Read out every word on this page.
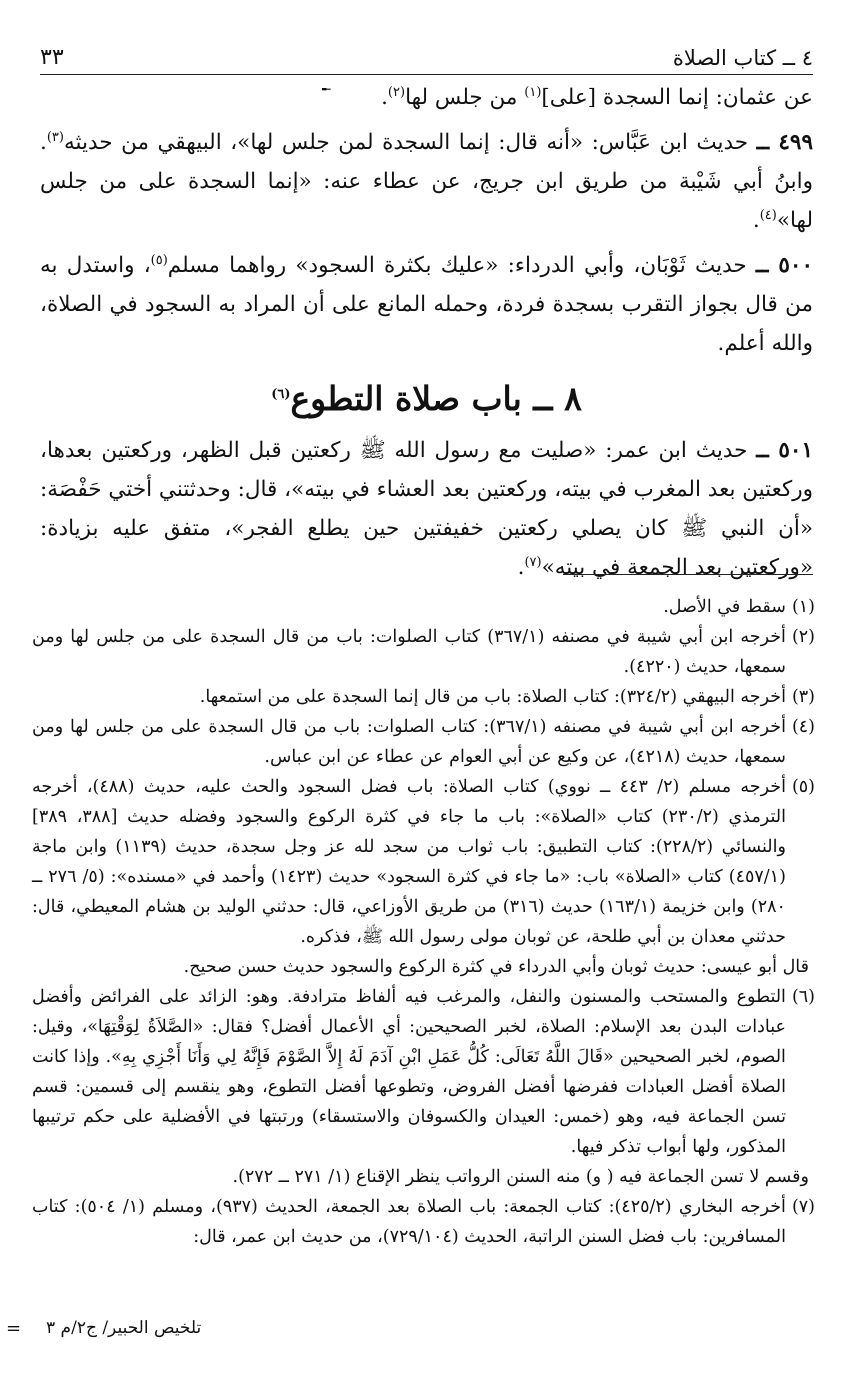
٤ ــ كتاب الصلاة
٣٣
╾	عن عثمان: إنما السجدة [على]$^{(١)}$ من جلس لها$^{(٢)}$.

٤٩٩ ــ حديث ابن عَبَّاس: «أنه قال: إنما السجدة لمن جلس لها»، البيهقي من حديثه$^{(٣)}$. وابنُ أبي شَيْبة من طريق ابن جريج، عن عطاء عنه: «إنما السجدة على من جلس لها»$^{(٤)}$.

٥٠٠ ــ حديث ثَوْبَان، وأبي الدرداء: «عليك بكثرة السجود» رواهما مسلم$^{(٥)}$، واستدل به من قال بجواز التقرب بسجدة فردة، وحمله المانع على أن المراد به السجود في الصلاة، والله أعلم.

٨ ــ باب صلاة التطوع$^{(٦)}$

٥٠١ ــ حديث ابن عمر: «صليت مع رسول الله ﷺ ركعتين قبل الظهر، وركعتين بعدها، وركعتين بعد المغرب في بيته، وركعتين بعد العشاء في بيته»، قال: وحدثتني أختي حَفْصَة: «أن النبي ﷺ كان يصلي ركعتين خفيفتين حين يطلع الفجر»، متفق عليه بزيادة: «وركعتين بعد الجمعة في بيته»$^{(٧)}$.

(١)
سقط في الأصل.
(٢)
أخرجه ابن أبي شيبة في مصنفه (٣٦٧/١) كتاب الصلوات: باب من قال السجدة على من جلس لها ومن سمعها، حديث (٤٢٢٠).
(٣)
أخرجه البيهقي (٣٢٤/٢): كتاب الصلاة: باب من قال إنما السجدة على من استمعها.
(٤)
أخرجه ابن أبي شيبة في مصنفه (٣٦٧/١): كتاب الصلوات: باب من قال السجدة على من جلس لها ومن سمعها، حديث (٤٢١٨)، عن وكيع عن أبي العوام عن عطاء عن ابن عباس.
(٥)
أخرجه مسلم (٢/ ٤٤٣ ــ نووي) كتاب الصلاة: باب فضل السجود والحث عليه، حديث (٤٨٨)، أخرجه الترمذي (٢٣٠/٢) كتاب «الصلاة»: باب ما جاء في كثرة الركوع والسجود وفضله حديث [٣٨٨، ٣٨٩] والنسائي (٢٢٨/٢): كتاب التطبيق: باب ثواب من سجد لله عز وجل سجدة، حديث (١١٣٩) وابن ماجة (٤٥٧/١) كتاب «الصلاة» باب: «ما جاء في كثرة السجود» حديث (١٤٢٣) وأحمد في «مسنده»: (٥/ ٢٧٦ ــ ٢٨٠) وابن خزيمة (١٦٣/١) حديث (٣١٦) من طريق الأوزاعي، قال: حدثني الوليد بن هشام المعيطي، قال: حدثني معدان بن أبي طلحة، عن ثوبان مولى رسول الله ﷺ، فذكره.
قال أبو عيسى: حديث ثوبان وأبي الدرداء في كثرة الركوع والسجود حديث حسن صحيح.
(٦)
التطوع والمستحب والمسنون والنفل، والمرغب فيه ألفاظ مترادفة. وهو: الزائد على الفرائض وأفضل عبادات البدن بعد الإسلام: الصلاة، لخبر الصحيحين: أي الأعمال أفضل؟ فقال: «الصَّلاَةُ لِوَقْتِهَا»، وقيل: الصوم، لخبر الصحيحين «قَالَ اللَّهُ تَعَالَى: كُلُّ عَمَلِ ابْنِ آدَمَ لَهُ إِلاَّ الصَّوْمَ فَإِنَّهُ لِي وَأَنَا أَجْزِي بِهِ». وإذا كانت الصلاة أفضل العبادات ففرضها أفضل الفروض، وتطوعها أفضل التطوع، وهو ينقسم إلى قسمين: قسم تسن الجماعة فيه، وهو (خمس: العيدان والكسوفان والاستسقاء) ورتبتها في الأفضلية على حكم ترتيبها المذكور، ولها أبواب تذكر فيها.
وقسم لا تسن الجماعة فيه ( و) منه السنن الرواتب ينظر الإقناع (١/ ٢٧١ ــ ٢٧٢).
(٧)
أخرجه البخاري (٤٢٥/٢): كتاب الجمعة: باب الصلاة بعد الجمعة، الحديث (٩٣٧)، ومسلم (١/ ٥٠٤): كتاب المسافرين: باب فضل السنن الراتبة، الحديث (٧٢٩/١٠٤)، من حديث ابن عمر، قال:
= تلخيص الحبير/ ج٢/م ٣
